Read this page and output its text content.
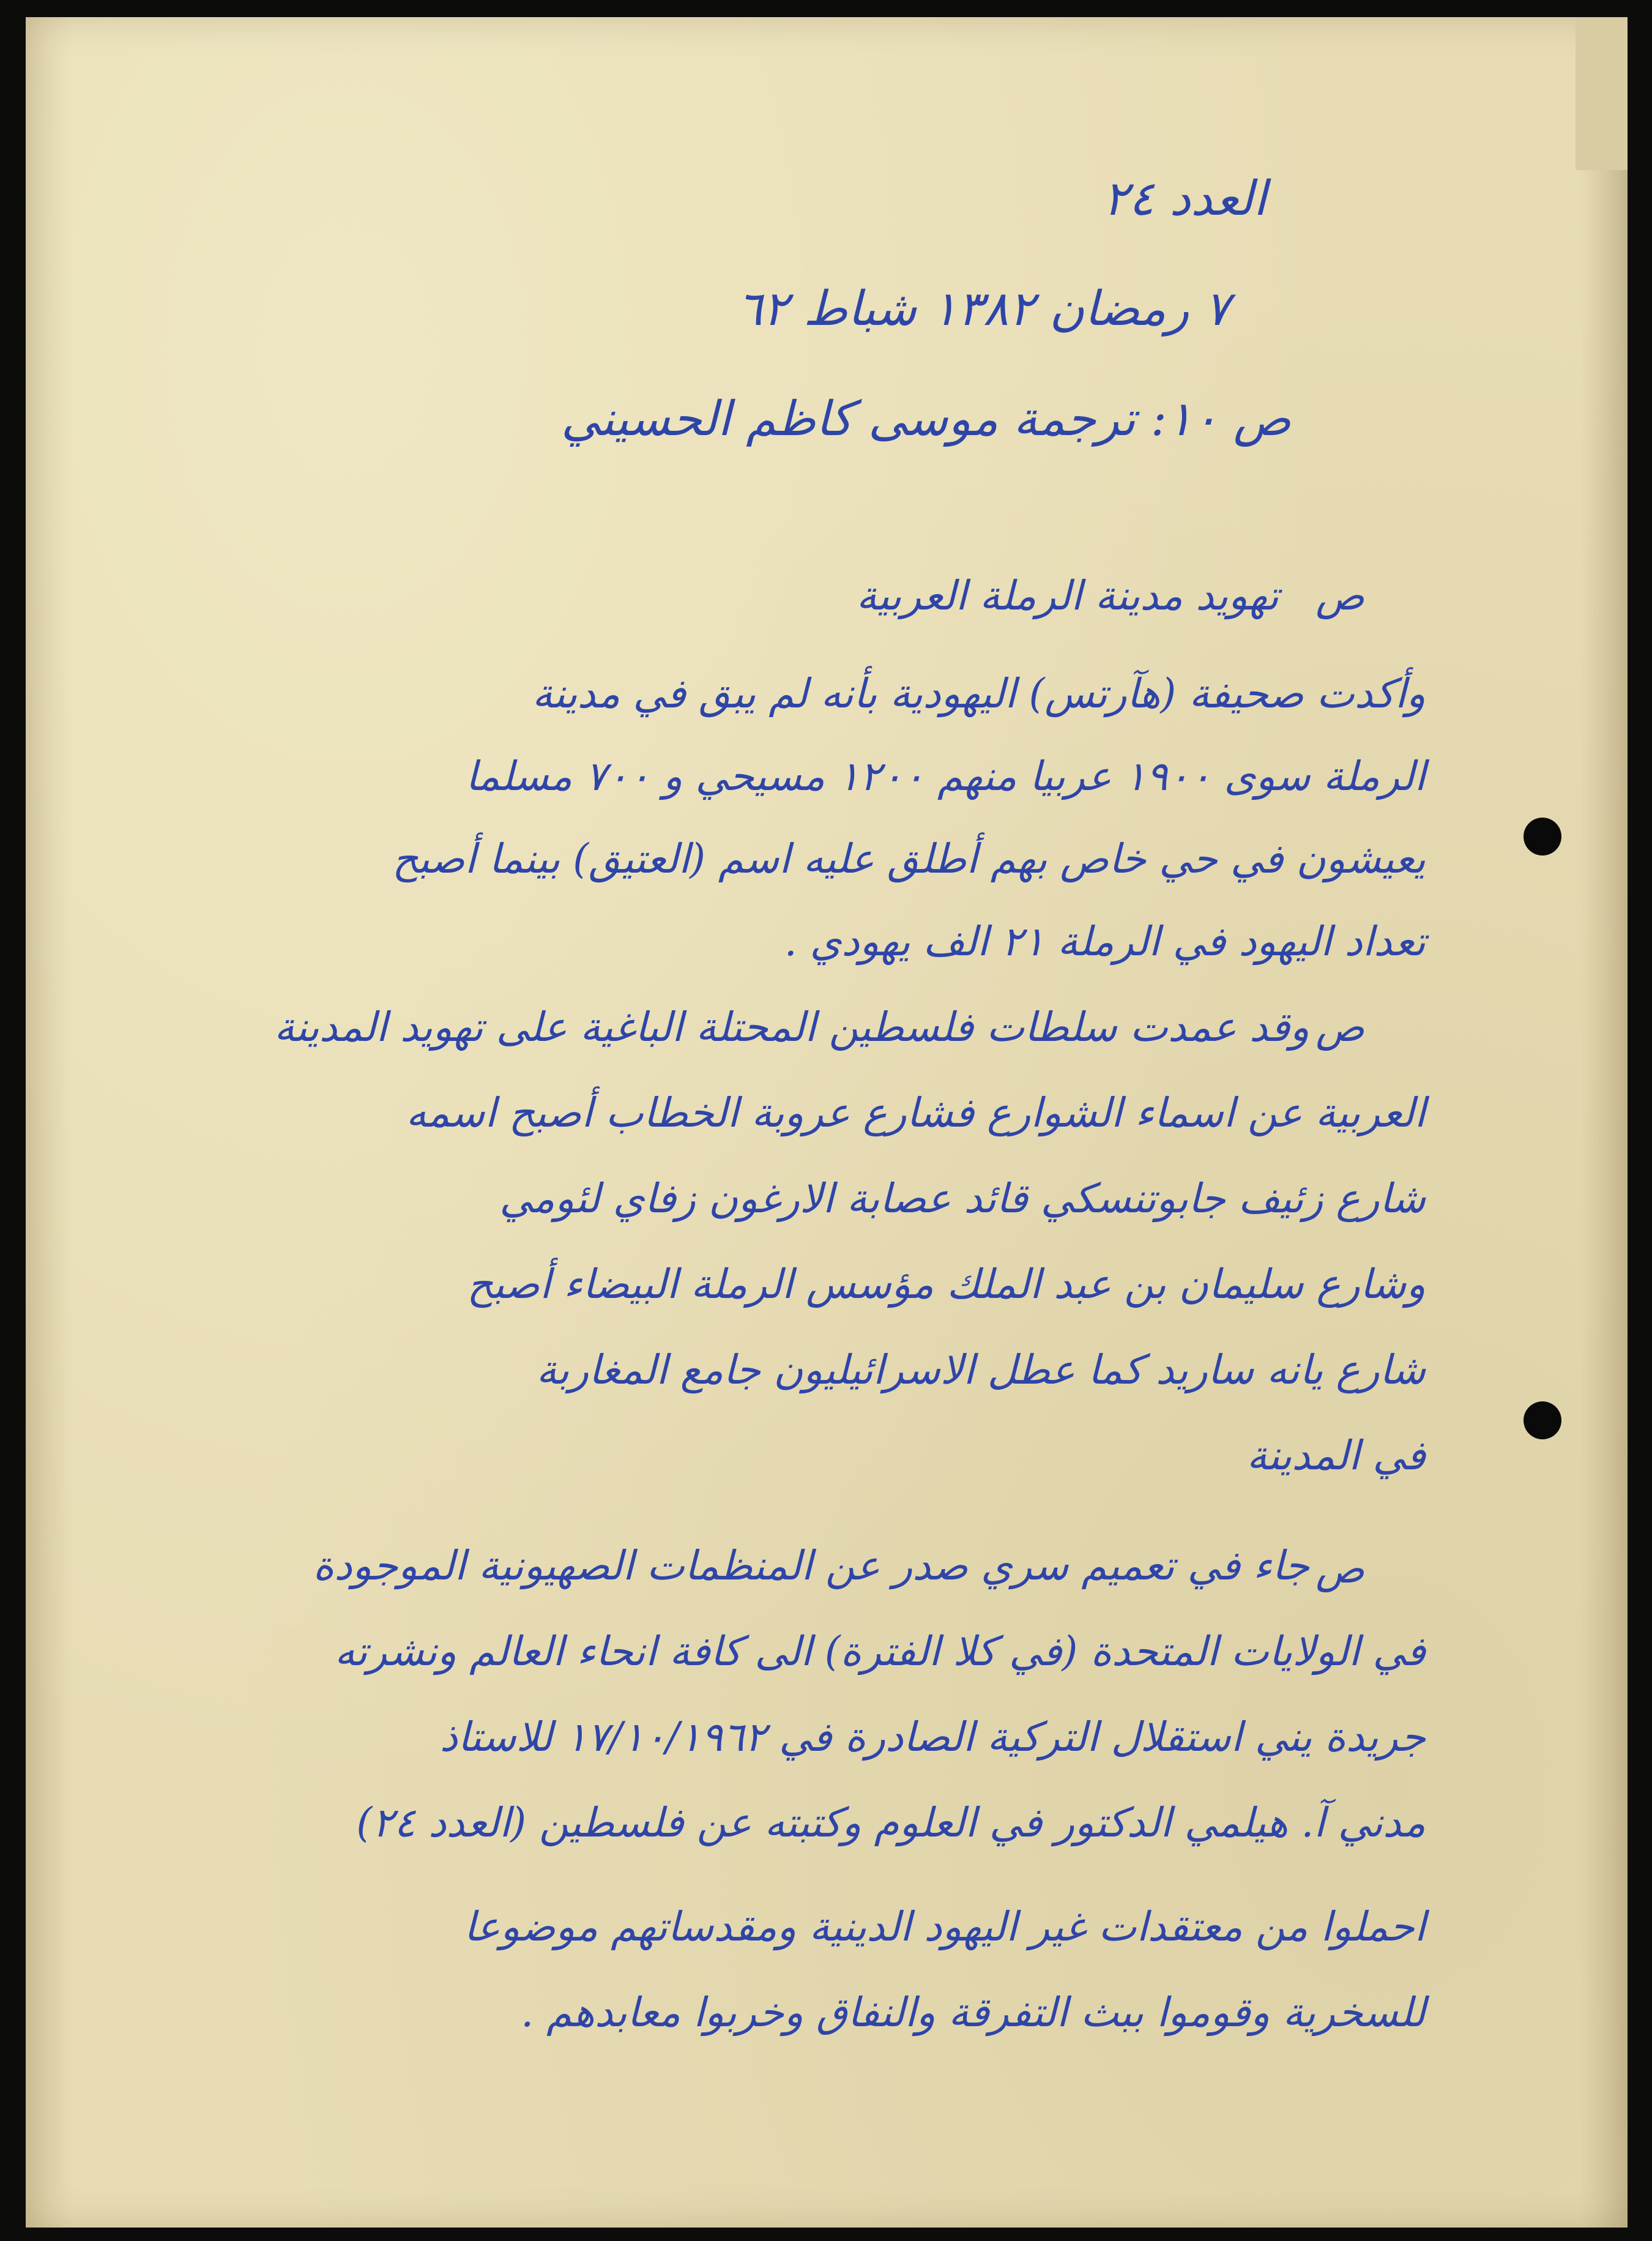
العدد ٢٤
٧ رمضان ١٣٨٢ شباط ٦٢
ص ١٠: ترجمة موسى كاظم الحسيني
ص
تهويد مدينة الرملة العربية
وأكدت صحيفة (هآرتس) اليهودية بأنه لم يبق في مدينة
الرملة سوى ١٩٠٠ عربيا منهم ١٢٠٠ مسيحي و ٧٠٠ مسلما
يعيشون في حي خاص بهم أطلق عليه اسم (العتيق) بينما أصبح
تعداد اليهود في الرملة ٢١ الف يهودي .
ص
وقد عمدت سلطات فلسطين المحتلة الباغية على تهويد المدينة
العربية عن اسماء الشوارع فشارع عروبة الخطاب أصبح اسمه
شارع زئيف جابوتنسكي قائد عصابة الارغون زفاي لئومي
وشارع سليمان بن عبد الملك مؤسس الرملة البيضاء أصبح
شارع يانه ساريد كما عطل الاسرائيليون جامع المغاربة
في المدينة
ص
جاء في تعميم سري صدر عن المنظمات الصهيونية الموجودة
في الولايات المتحدة (في كلا الفترة) الى كافة انحاء العالم ونشرته
جريدة يني استقلال التركية الصادرة في ١٧/١٠/١٩٦٢ للاستاذ
مدني آ. هيلمي الدكتور في العلوم وكتبته عن فلسطين (العدد ٢٤)
احملوا من معتقدات غير اليهود الدينية ومقدساتهم موضوعا
للسخرية وقوموا ببث التفرقة والنفاق وخربوا معابدهم .
